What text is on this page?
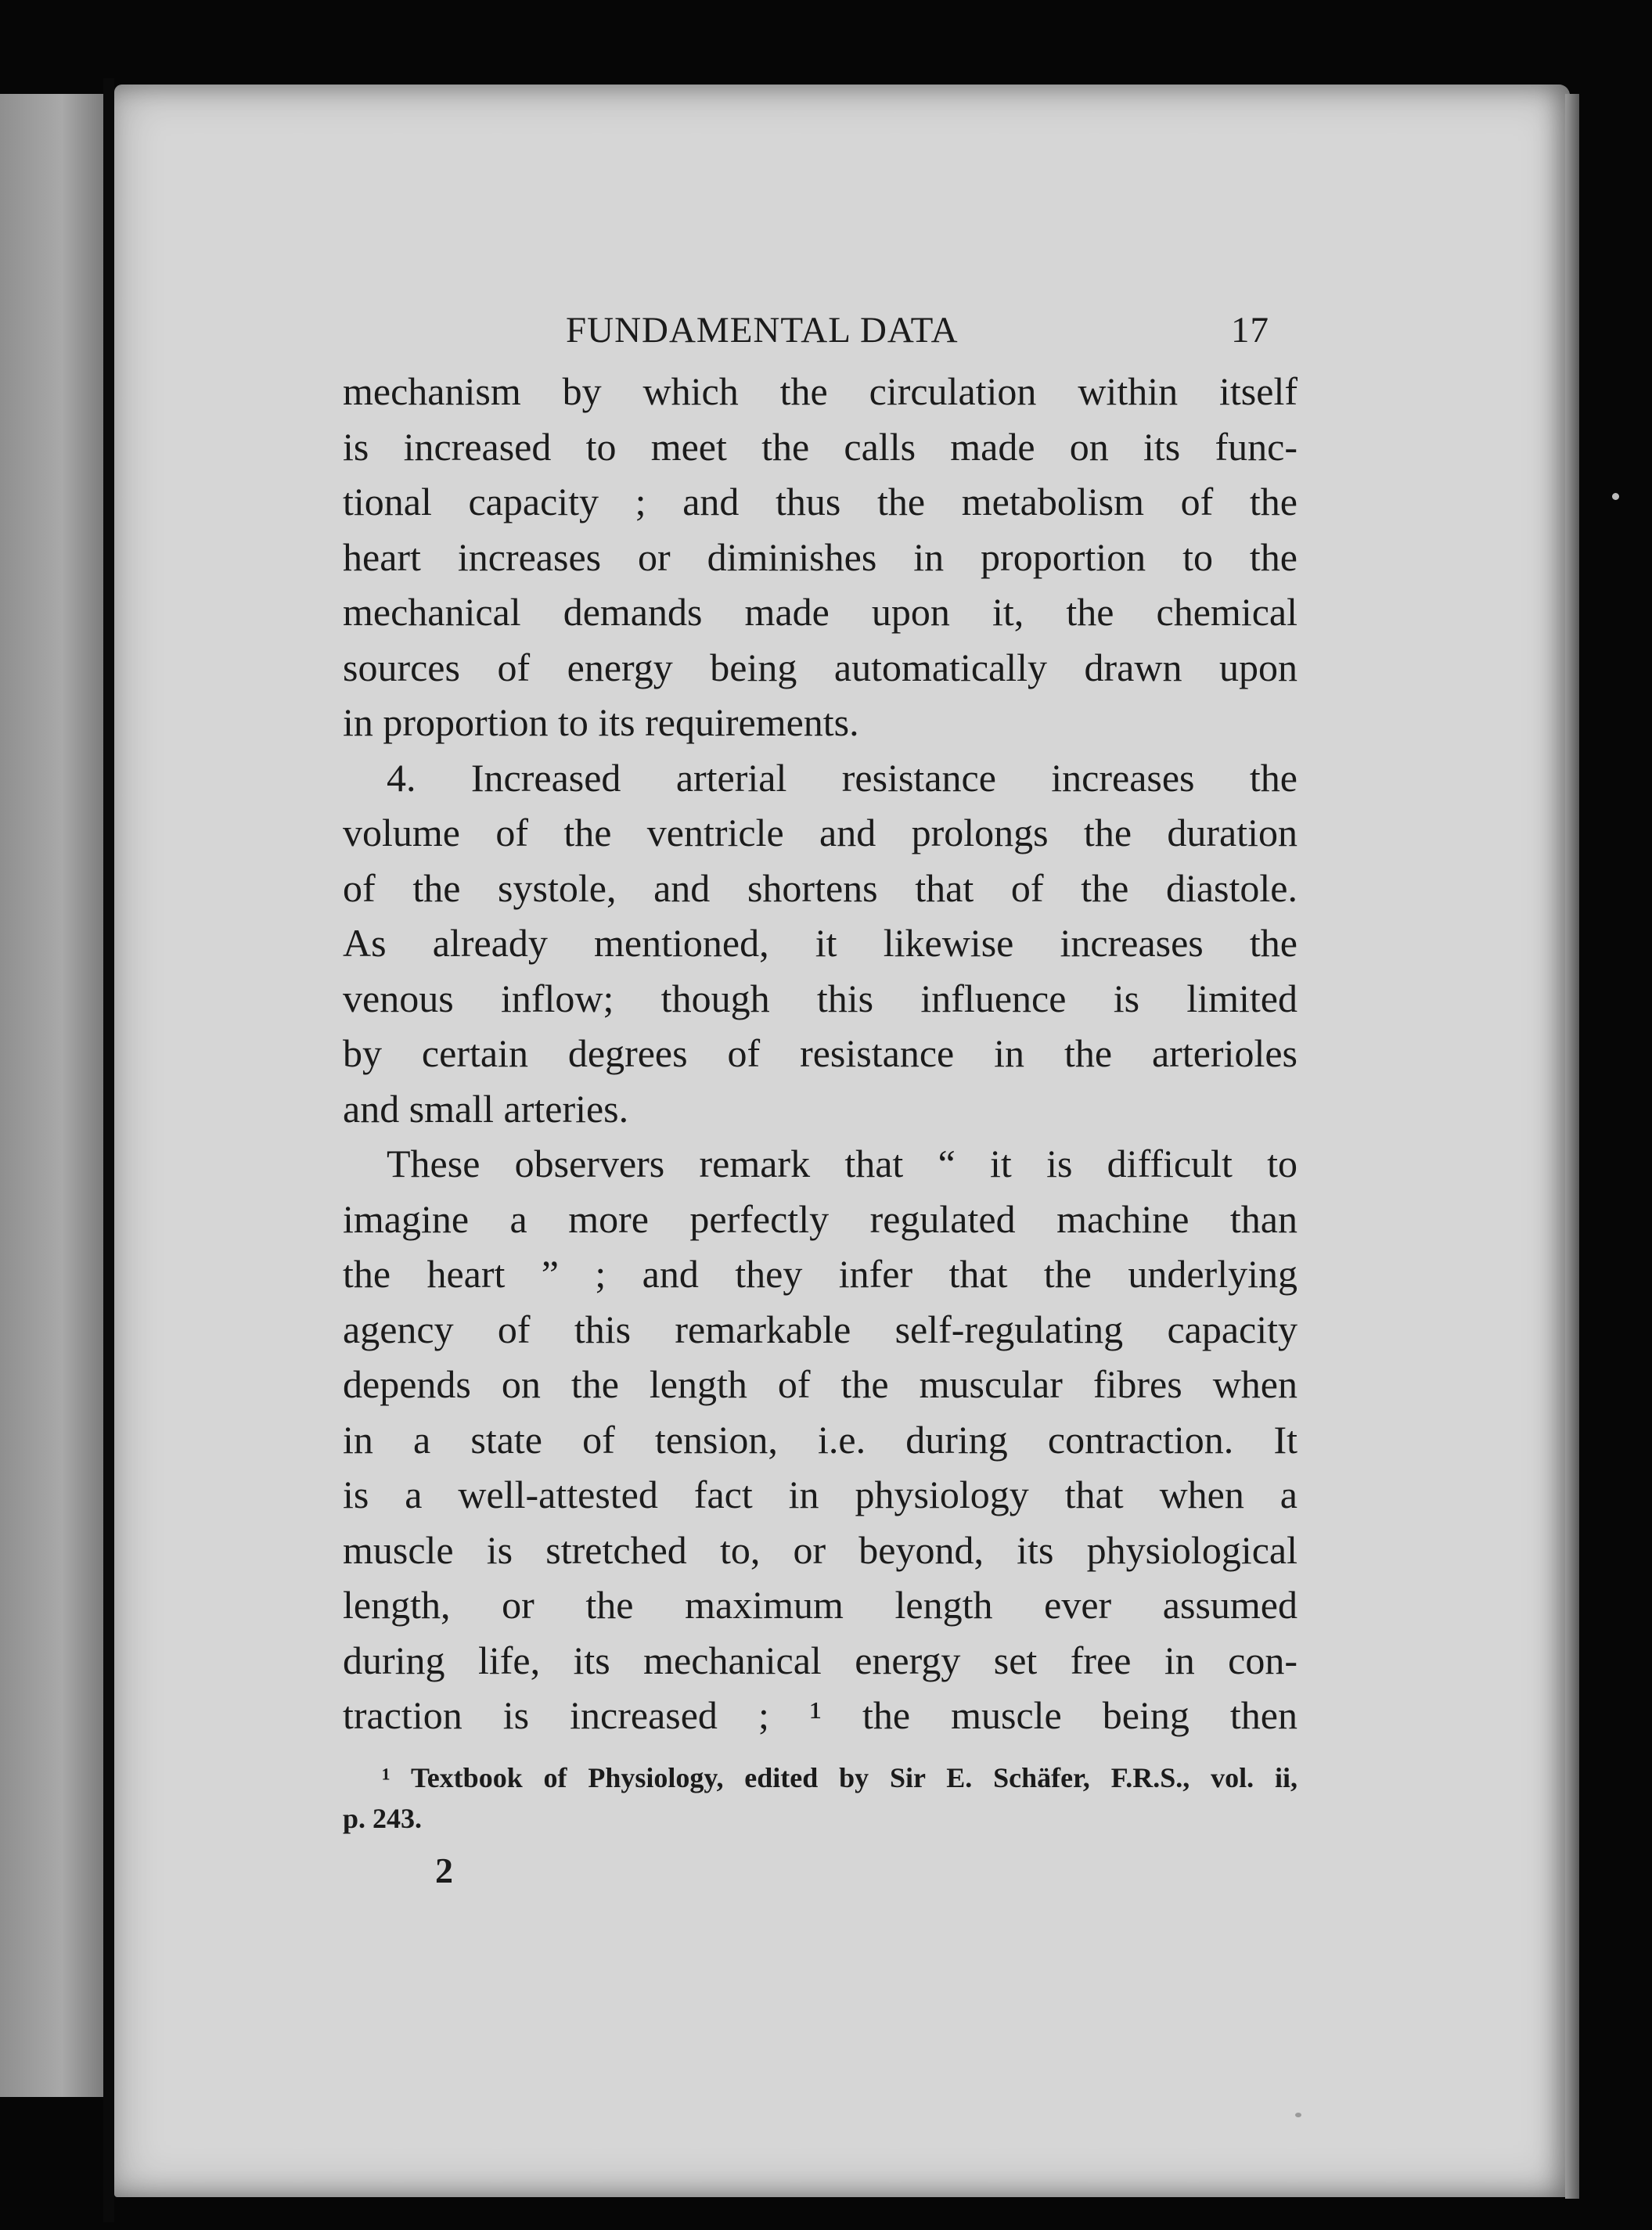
FUNDAMENTAL DATA	17
mechanism by which the circulation within itself
is increased to meet the calls made on its func-
tional capacity ; and thus the metabolism of the
heart increases or diminishes in proportion to the
mechanical demands made upon it, the chemical
sources of energy being automatically drawn upon
in proportion to its requirements.
4. Increased arterial resistance increases the
volume of the ventricle and prolongs the duration
of the systole, and shortens that of the diastole.
As already mentioned, it likewise increases the
venous inflow; though this influence is limited
by certain degrees of resistance in the arterioles
and small arteries.
These observers remark that “ it is difficult to
imagine a more perfectly regulated machine than
the heart ” ; and they infer that the underlying
agency of this remarkable self-regulating capacity
depends on the length of the muscular fibres when
in a state of tension, i.e. during contraction. It
is a well-attested fact in physiology that when a
muscle is stretched to, or beyond, its physiological
length, or the maximum length ever assumed
during life, its mechanical energy set free in con-
traction is increased ; ¹ the muscle being then
¹ Textbook of Physiology, edited by Sir E. Schäfer, F.R.S., vol. ii,
p. 243.
2
